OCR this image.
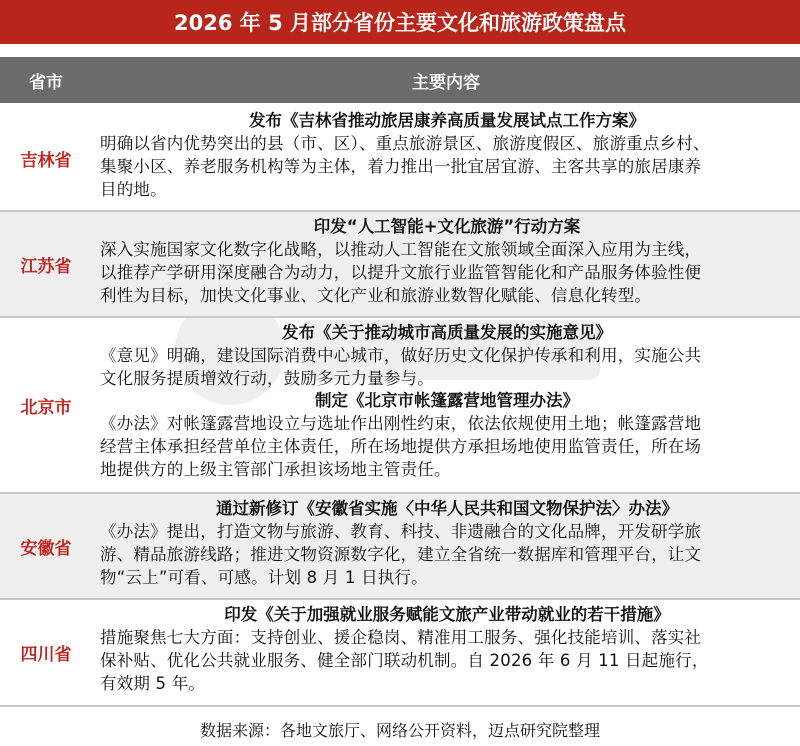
2026 年 5 月部分省份主要文化和旅游政策盘点
省市	主要内容
吉林省
发布《吉林省推动旅居康养高质量发展试点工作方案》
明确以省内优势突出的县（市、区）、重点旅游景区、旅游度假区、旅游重点乡村、
集聚小区、养老服务机构等为主体，着力推出一批宜居宜游、主客共享的旅居康养
目的地。
江苏省
印发“人工智能+文化旅游”行动方案
深入实施国家文化数字化战略，以推动人工智能在文旅领域全面深入应用为主线，
以推荐产学研用深度融合为动力，以提升文旅行业监管智能化和产品服务体验性便
利性为目标，加快文化事业、文化产业和旅游业数智化赋能、信息化转型。
北京市
发布《关于推动城市高质量发展的实施意见》
《意见》明确，建设国际消费中心城市，做好历史文化保护传承和利用，实施公共
文化服务提质增效行动，鼓励多元力量参与。
制定《北京市帐篷露营地管理办法》
《办法》对帐篷露营地设立与选址作出刚性约束，依法依规使用土地；帐篷露营地
经营主体承担经营单位主体责任，所在场地提供方承担场地使用监管责任，所在场
地提供方的上级主管部门承担该场地主管责任。
安徽省
通过新修订《安徽省实施〈中华人民共和国文物保护法〉办法》
《办法》提出，打造文物与旅游、教育、科技、非遗融合的文化品牌，开发研学旅
游、精品旅游线路；推进文物资源数字化，建立全省统一数据库和管理平台，让文
物“云上”可看、可感。计划 8 月 1 日执行。
四川省
印发《关于加强就业服务赋能文旅产业带动就业的若干措施》
措施聚焦七大方面：支持创业、援企稳岗、精准用工服务、强化技能培训、落实社
保补贴、优化公共就业服务、健全部门联动机制。自 2026 年 6 月 11 日起施行，
有效期 5 年。
数据来源：各地文旅厅、网络公开资料，迈点研究院整理
